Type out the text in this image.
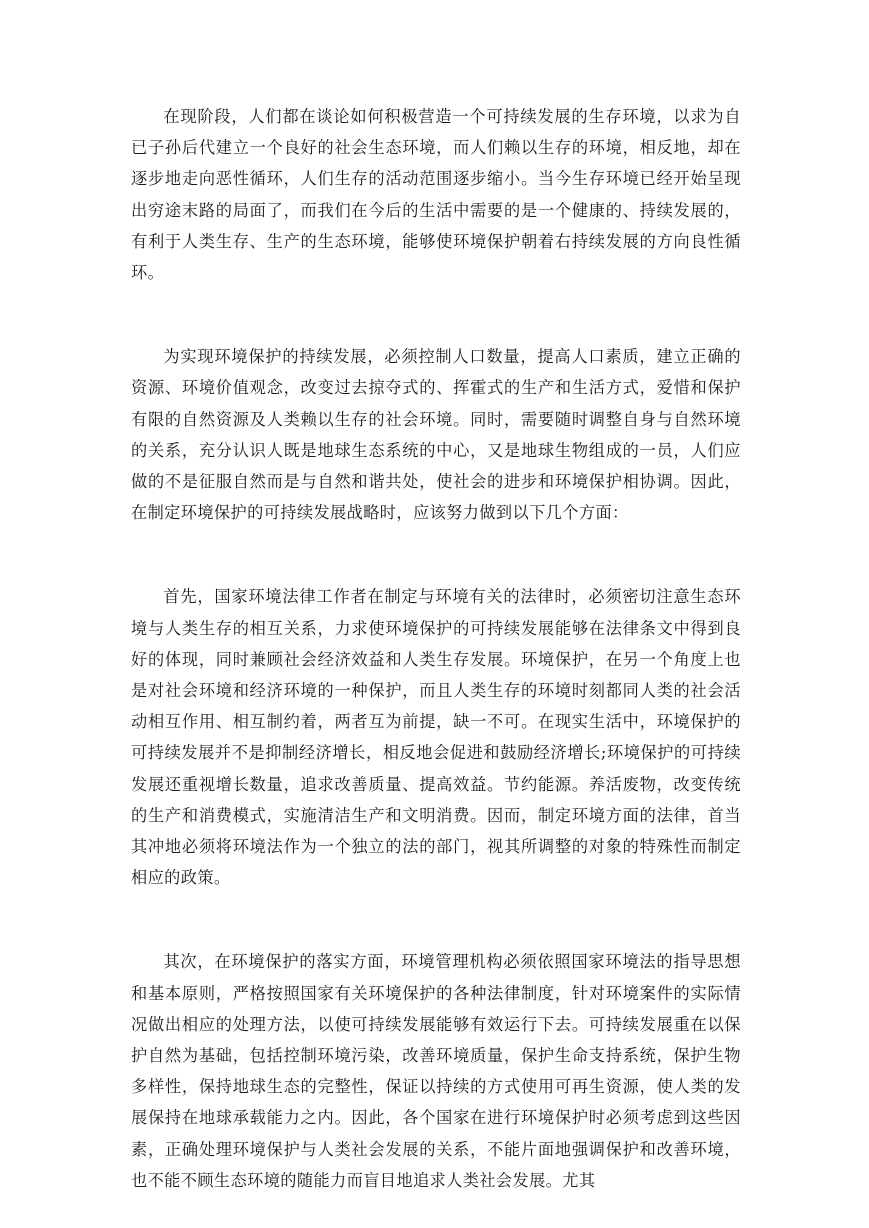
在现阶段，人们都在谈论如何积极营造一个可持续发展的生存环境，以求为自已子孙后代建立一个良好的社会生态环境，而人们赖以生存的环境，相反地，却在逐步地走向恶性循环，人们生存的活动范围逐步缩小。当今生存环境已经开始呈现出穷途末路的局面了，而我们在今后的生活中需要的是一个健康的、持续发展的，有利于人类生存、生产的生态环境，能够使环境保护朝着右持续发展的方向良性循环。

为实现环境保护的持续发展，必须控制人口数量，提高人口素质，建立正确的资源、环境价值观念，改变过去掠夺式的、挥霍式的生产和生活方式，爱惜和保护有限的自然资源及人类赖以生存的社会环境。同时，需要随时调整自身与自然环境的关系，充分认识人既是地球生态系统的中心，又是地球生物组成的一员，人们应做的不是征服自然而是与自然和谐共处，使社会的进步和环境保护相协调。因此，在制定环境保护的可持续发展战略时，应该努力做到以下几个方面：

首先，国家环境法律工作者在制定与环境有关的法律时，必须密切注意生态环境与人类生存的相互关系，力求使环境保护的可持续发展能够在法律条文中得到良好的体现，同时兼顾社会经济效益和人类生存发展。环境保护，在另一个角度上也是对社会环境和经济环境的一种保护，而且人类生存的环境时刻都同人类的社会活动相互作用、相互制约着，两者互为前提，缺一不可。在现实生活中，环境保护的可持续发展并不是抑制经济增长，相反地会促进和鼓励经济增长;环境保护的可持续发展还重视增长数量，追求改善质量、提高效益。节约能源。养活废物，改变传统的生产和消费模式，实施清洁生产和文明消费。因而，制定环境方面的法律，首当其冲地必须将环境法作为一个独立的法的部门，视其所调整的对象的特殊性而制定相应的政策。

其次，在环境保护的落实方面，环境管理机构必须依照国家环境法的指导思想和基本原则，严格按照国家有关环境保护的各种法律制度，针对环境案件的实际情况做出相应的处理方法，以使可持续发展能够有效运行下去。可持续发展重在以保护自然为基础，包括控制环境污染，改善环境质量，保护生命支持系统，保护生物多样性，保持地球生态的完整性，保证以持续的方式使用可再生资源，使人类的发展保持在地球承载能力之内。因此，各个国家在进行环境保护时必须考虑到这些因素，正确处理环境保护与人类社会发展的关系，不能片面地强调保护和改善环境，也不能不顾生态环境的随能力而盲目地追求人类社会发展。尤其
